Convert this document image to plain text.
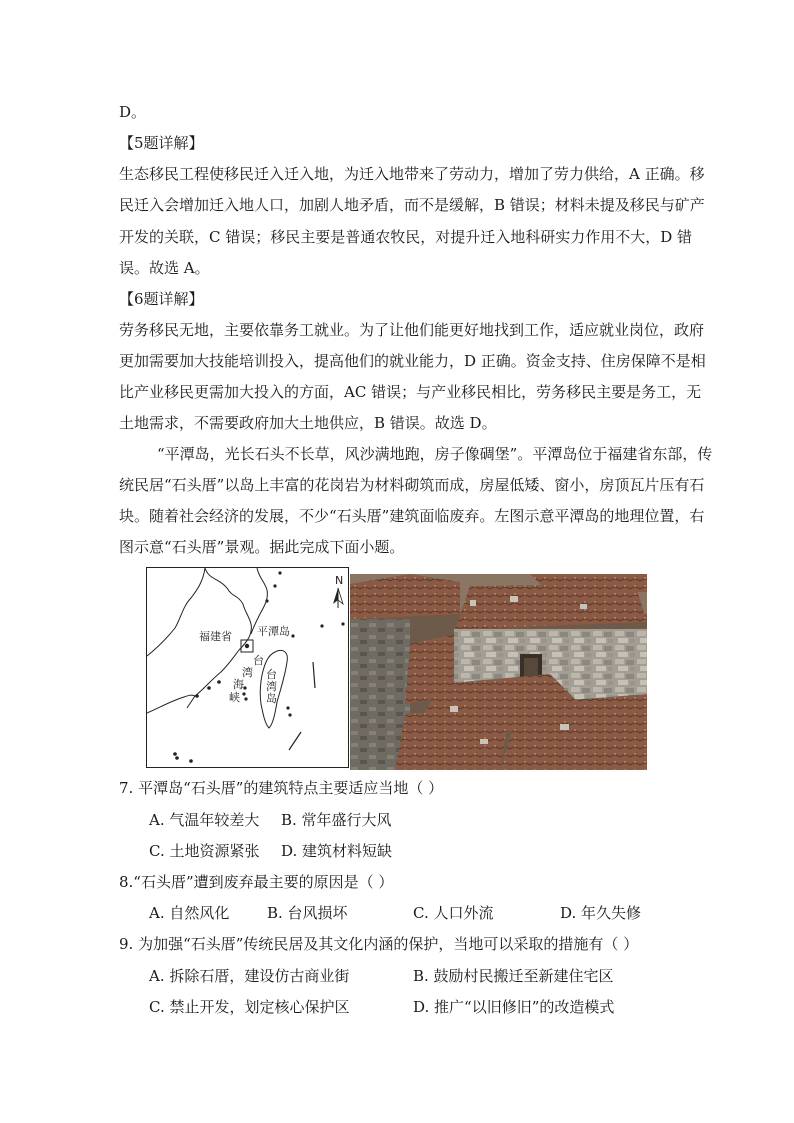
D。
【5题详解】
生态移民工程使移民迁入迁入地，为迁入地带来了劳动力，增加了劳力供给，A 正确。移
民迁入会增加迁入地人口，加剧人地矛盾，而不是缓解，B 错误；材料未提及移民与矿产
开发的关联，C 错误；移民主要是普通农牧民，对提升迁入地科研实力作用不大，D 错
误。故选 A。
【6题详解】
劳务移民无地，主要依靠务工就业。为了让他们能更好地找到工作，适应就业岗位，政府
更加需要加大技能培训投入，提高他们的就业能力，D 正确。资金支持、住房保障不是相
比产业移民更需加大投入的方面，AC 错误；与产业移民相比，劳务移民主要是务工，无
土地需求，不需要政府加大土地供应，B 错误。故选 D。
“平潭岛，光长石头不长草，风沙满地跑，房子像碉堡”。平潭岛位于福建省东部，传
统民居“石头厝”以岛上丰富的花岗岩为材料砌筑而成，房屋低矮、窗小，房顶瓦片压有石
块。随着社会经济的发展，不少“石头厝”建筑面临废弃。左图示意平潭岛的地理位置，右
图示意“石头厝”景观。据此完成下面小题。
N
福建省 平潭岛
台
湾
海
峡
台
湾
岛
7. 平潭岛“石头厝”的建筑特点主要适应当地（ ）
A. 气温年较差大 B. 常年盛行大风
C. 土地资源紧张 D. 建筑材料短缺
8.“石头厝”遭到废弃最主要的原因是（ ）
A. 自然风化	B. 台风损坏	C. 人口外流	D. 年久失修
9. 为加强“石头厝”传统民居及其文化内涵的保护，当地可以采取的措施有（ ）
A. 拆除石厝，建设仿古商业街	B. 鼓励村民搬迁至新建住宅区
C. 禁止开发，划定核心保护区	D. 推广“以旧修旧”的改造模式
